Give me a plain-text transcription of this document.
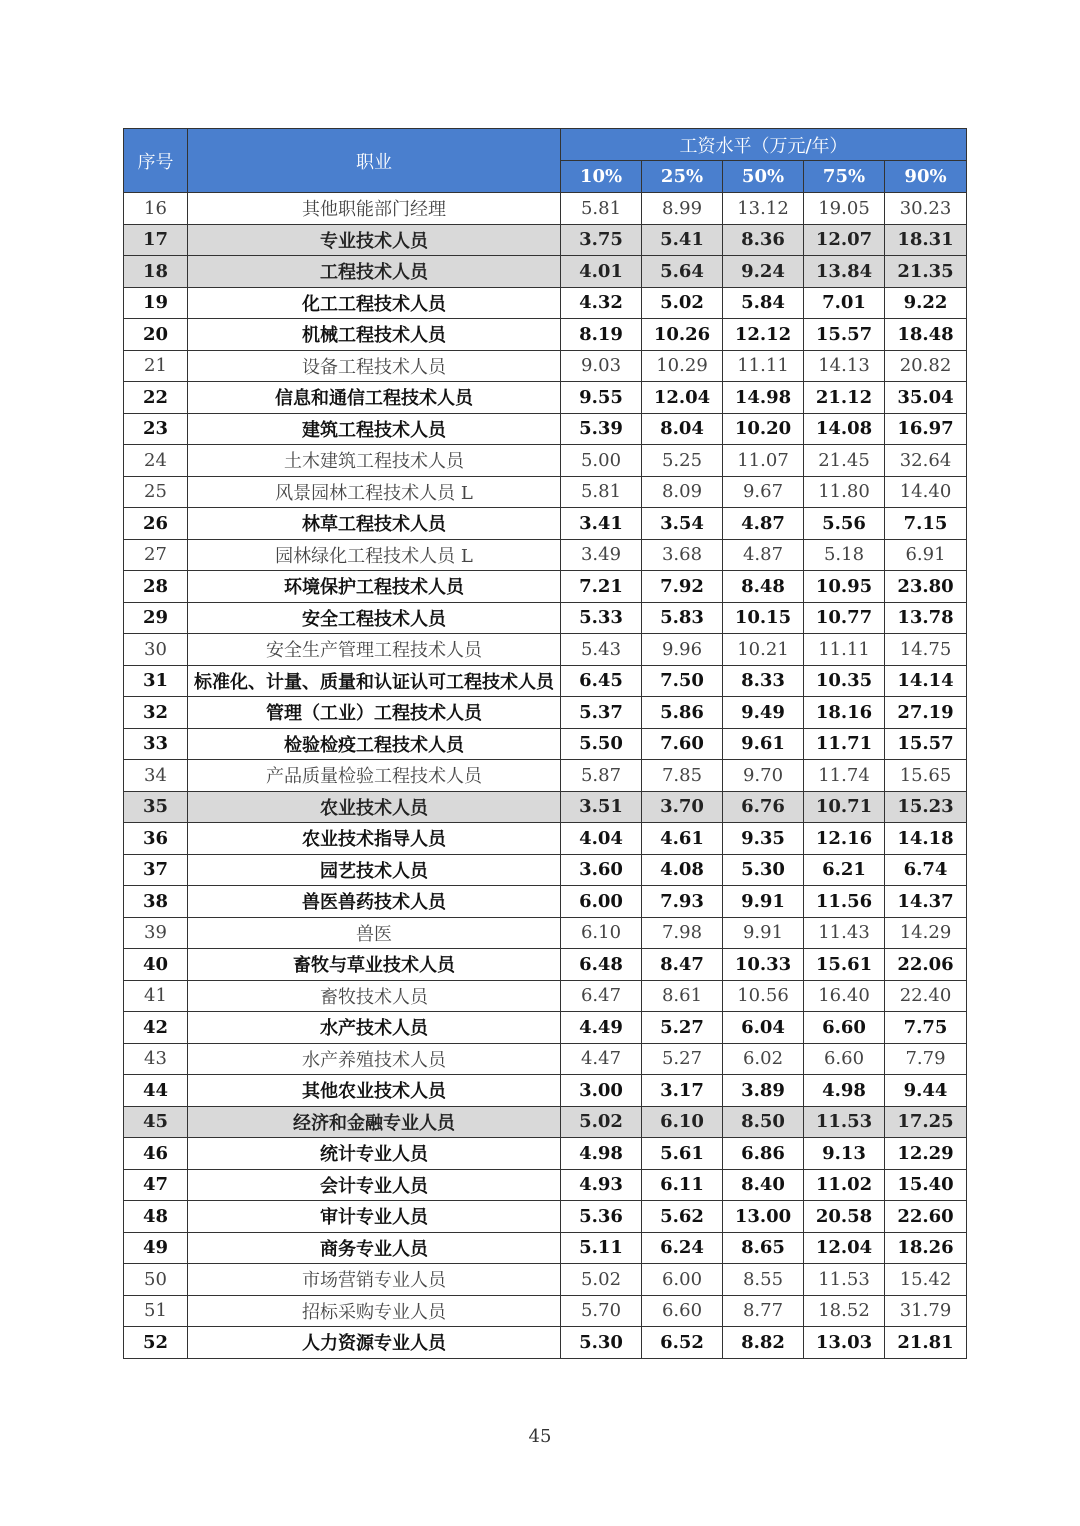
序号	职业	工资水平（万元/年）				
		10%	25%	50%	75%	90%
16	其他职能部门经理	5.81	8.99	13.12	19.05	30.23
17	专业技术人员	3.75	5.41	8.36	12.07	18.31
18	工程技术人员	4.01	5.64	9.24	13.84	21.35
19	化工工程技术人员	4.32	5.02	5.84	7.01	9.22
20	机械工程技术人员	8.19	10.26	12.12	15.57	18.48
21	设备工程技术人员	9.03	10.29	11.11	14.13	20.82
22	信息和通信工程技术人员	9.55	12.04	14.98	21.12	35.04
23	建筑工程技术人员	5.39	8.04	10.20	14.08	16.97
24	土木建筑工程技术人员	5.00	5.25	11.07	21.45	32.64
25	风景园林工程技术人员 L	5.81	8.09	9.67	11.80	14.40
26	林草工程技术人员	3.41	3.54	4.87	5.56	7.15
27	园林绿化工程技术人员 L	3.49	3.68	4.87	5.18	6.91
28	环境保护工程技术人员	7.21	7.92	8.48	10.95	23.80
29	安全工程技术人员	5.33	5.83	10.15	10.77	13.78
30	安全生产管理工程技术人员	5.43	9.96	10.21	11.11	14.75
31	标准化、计量、质量和认证认可工程技术人员	6.45	7.50	8.33	10.35	14.14
32	管理（工业）工程技术人员	5.37	5.86	9.49	18.16	27.19
33	检验检疫工程技术人员	5.50	7.60	9.61	11.71	15.57
34	产品质量检验工程技术人员	5.87	7.85	9.70	11.74	15.65
35	农业技术人员	3.51	3.70	6.76	10.71	15.23
36	农业技术指导人员	4.04	4.61	9.35	12.16	14.18
37	园艺技术人员	3.60	4.08	5.30	6.21	6.74
38	兽医兽药技术人员	6.00	7.93	9.91	11.56	14.37
39	兽医	6.10	7.98	9.91	11.43	14.29
40	畜牧与草业技术人员	6.48	8.47	10.33	15.61	22.06
41	畜牧技术人员	6.47	8.61	10.56	16.40	22.40
42	水产技术人员	4.49	5.27	6.04	6.60	7.75
43	水产养殖技术人员	4.47	5.27	6.02	6.60	7.79
44	其他农业技术人员	3.00	3.17	3.89	4.98	9.44
45	经济和金融专业人员	5.02	6.10	8.50	11.53	17.25
46	统计专业人员	4.98	5.61	6.86	9.13	12.29
47	会计专业人员	4.93	6.11	8.40	11.02	15.40
48	审计专业人员	5.36	5.62	13.00	20.58	22.60
49	商务专业人员	5.11	6.24	8.65	12.04	18.26
50	市场营销专业人员	5.02	6.00	8.55	11.53	15.42
51	招标采购专业人员	5.70	6.60	8.77	18.52	31.79
52	人力资源专业人员	5.30	6.52	8.82	13.03	21.81
45
